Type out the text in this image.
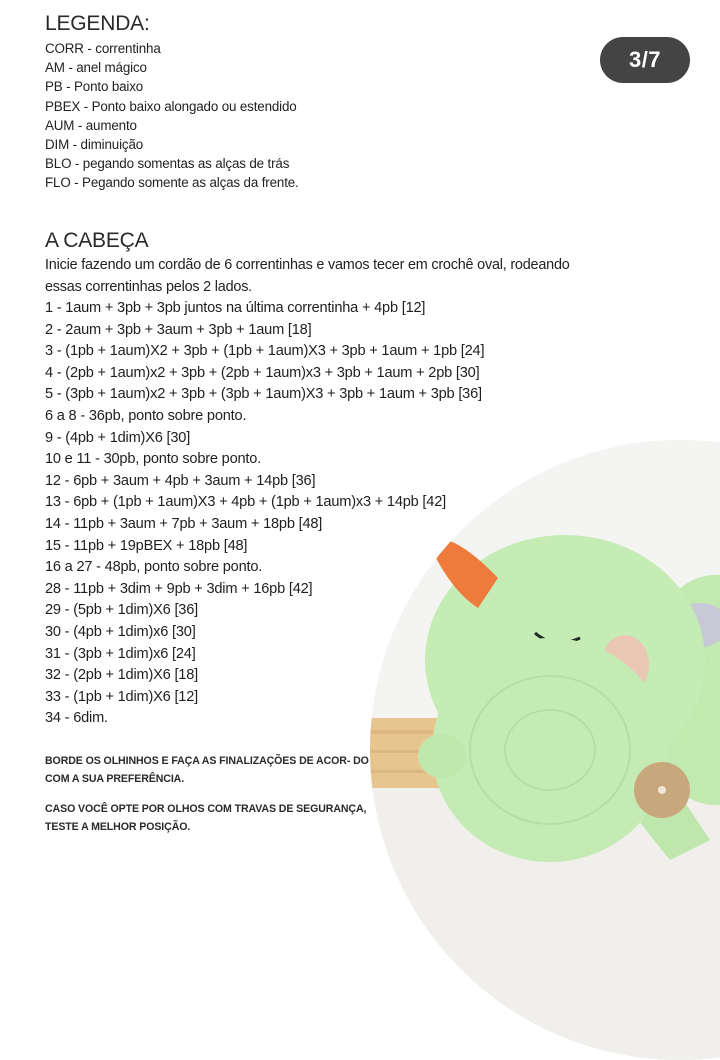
3/7
LEGENDA:
CORR - correntinha
AM - anel mágico
PB - Ponto baixo
PBEX - Ponto baixo alongado ou estendido
AUM - aumento
DIM - diminuição
BLO - pegando somentas as alças de trás
FLO - Pegando somente as alças da frente.
A CABEÇA
Inicie fazendo um cordão de 6 correntinhas e vamos tecer em crochê oval, rodeando essas correntinhas pelos 2 lados.
1 - 1aum + 3pb + 3pb juntos na última correntinha + 4pb [12]
2 - 2aum + 3pb + 3aum + 3pb + 1aum [18]
3 - (1pb + 1aum)X2 + 3pb + (1pb + 1aum)X3 + 3pb + 1aum + 1pb [24]
4 - (2pb + 1aum)x2 + 3pb + (2pb + 1aum)x3 + 3pb + 1aum + 2pb [30]
5 - (3pb + 1aum)x2 + 3pb + (3pb + 1aum)X3 + 3pb + 1aum + 3pb [36]
6 a 8 - 36pb, ponto sobre ponto.
9 - (4pb + 1dim)X6 [30]
10 e 11 - 30pb, ponto sobre ponto.
12 - 6pb + 3aum + 4pb + 3aum + 14pb [36]
13 - 6pb + (1pb + 1aum)X3 + 4pb + (1pb + 1aum)x3 + 14pb [42]
14 - 11pb + 3aum + 7pb + 3aum + 18pb [48]
15 - 11pb + 19pBEX + 18pb [48]
16 a 27 - 48pb, ponto sobre ponto.
28 - 11pb + 3dim + 9pb + 3dim + 16pb [42]
29 - (5pb + 1dim)X6 [36]
30 - (4pb + 1dim)x6 [30]
31 - (3pb + 1dim)x6 [24]
32 - (2pb + 1dim)X6 [18]
33 - (1pb + 1dim)X6 [12]
34 - 6dim.

BORDE OS OLHINHOS E FAÇA AS FINALIZAÇÕES DE ACOR- DO COM A SUA PREFERÊNCIA.

CASO VOCÊ OPTE POR OLHOS COM TRAVAS DE SEGURANÇA, TESTE A MELHOR POSIÇÃO.
